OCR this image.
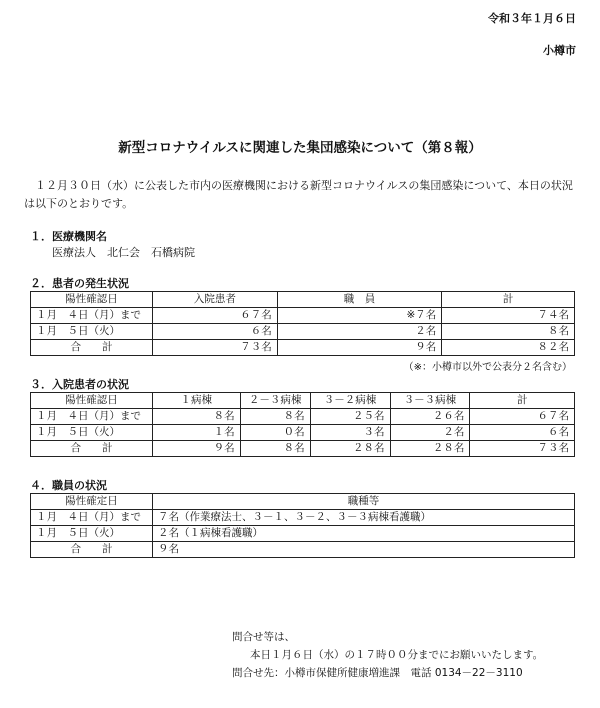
令和３年１月６日
小樽市
新型コロナウイルスに関連した集団感染について（第８報）
　１２月３０日（水）に公表した市内の医療機関における新型コロナウイルスの集団感染について、本日の状況は以下のとおりです。
１．医療機関名
医療法人　北仁会　石橋病院
２．患者の発生状況
陽性確認日	入院患者	職　員	計
１月　４日（月）まで	６７名	※７名	７４名
１月　５日（火）	６名	２名	８名
合　　計	７３名	９名	８２名
（※：小樽市以外で公表分２名含む）
３．入院患者の状況
陽性確認日	１病棟	２－３病棟	３－２病棟	３－３病棟	計
１月　４日（月）まで	８名	８名	２５名	２６名	６７名
１月　５日（火）	１名	０名	３名	２名	６名
合　　計	９名	８名	２８名	２８名	７３名
４．職員の状況
陽性確定日	職種等
１月　４日（月）まで	７名（作業療法士、３－１、３－２、３－３病棟看護職）
１月　５日（火）	２名（１病棟看護職）
合　　計	９名
問合せ等は、
本日１月６日（水）の１７時００分までにお願いいたします。
問合せ先：小樽市保健所健康増進課　電話 0134－22－3110
